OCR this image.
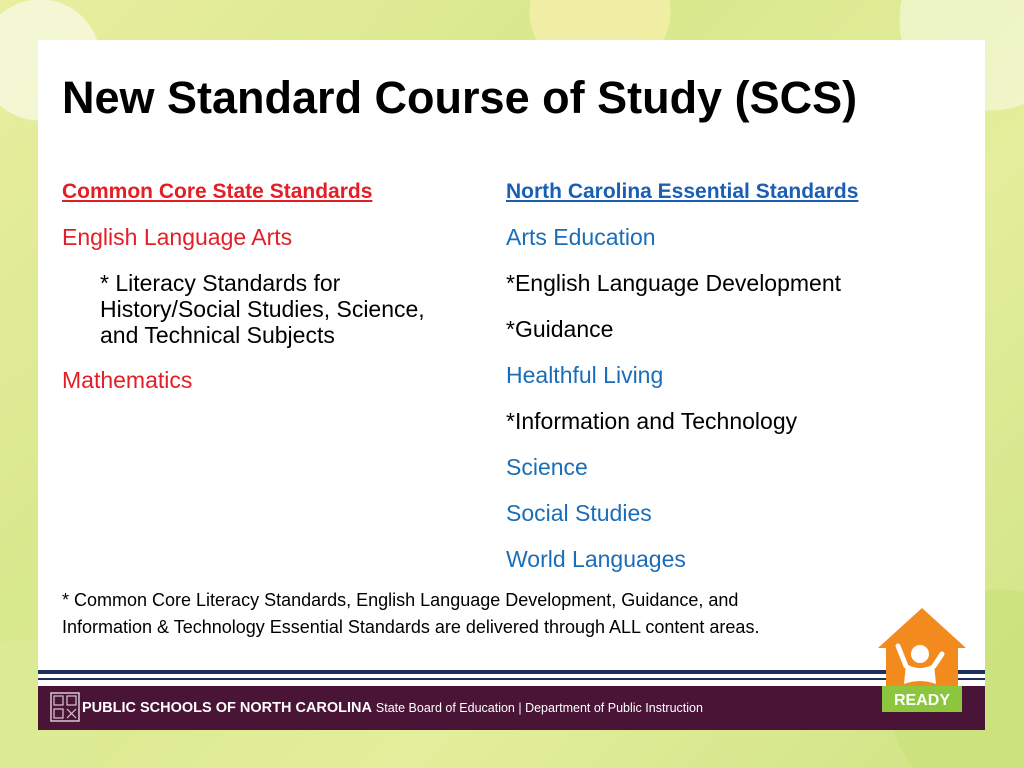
New Standard Course of Study (SCS)
Common Core State Standards
English Language Arts
* Literacy Standards for
History/Social Studies, Science,
and Technical Subjects
Mathematics
North Carolina Essential Standards
Arts Education
*English Language Development
*Guidance
Healthful Living
*Information and Technology
Science
Social Studies
World Languages
* Common Core Literacy Standards, English Language Development, Guidance, and
Information & Technology Essential Standards are delivered through ALL content areas.
PUBLIC SCHOOLS OF NORTH CAROLINA State Board of Education | Department of Public Instruction	READY
